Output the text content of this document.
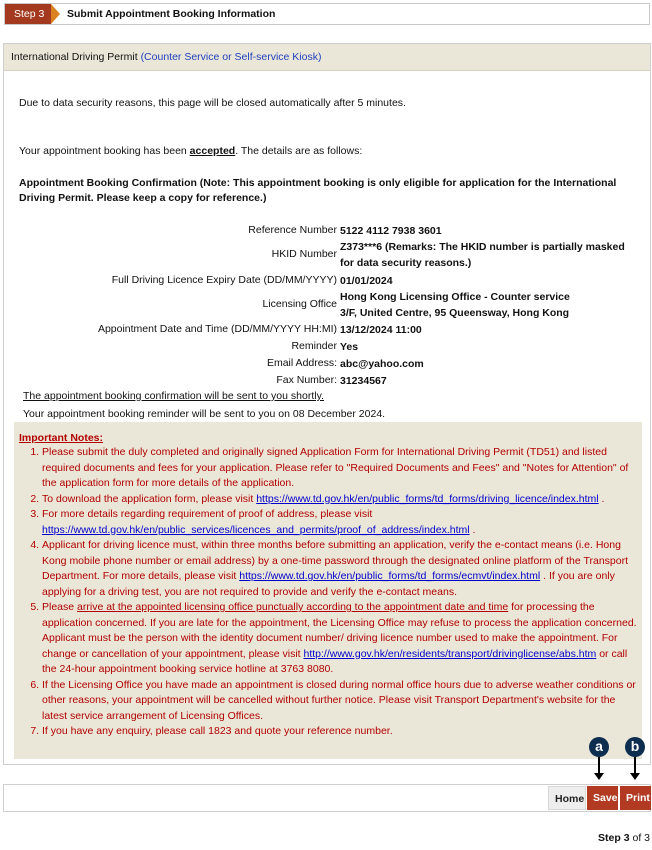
Step 3	Submit Appointment Booking Information
International Driving Permit (Counter Service or Self-service Kiosk)
Due to data security reasons, this page will be closed automatically after 5 minutes.
Your appointment booking has been accepted. The details are as follows:
Appointment Booking Confirmation (Note: This appointment booking is only eligible for application for the International Driving Permit. Please keep a copy for reference.)
Reference Number 5122 4112 7938 3601
HKID Number
Z373***6 (Remarks: The HKID number is partially masked for data security reasons.)
Full Driving Licence Expiry Date (DD/MM/YYYY) 01/01/2024
Licensing Office
Hong Kong Licensing Office - Counter service 3/F, United Centre, 95 Queensway, Hong Kong
Appointment Date and Time (DD/MM/YYYY HH:MI) 13/12/2024 11:00
Reminder Yes
Email Address: abc@yahoo.com
Fax Number: 31234567
The appointment booking confirmation will be sent to you shortly.
Your appointment booking reminder will be sent to you on 08 December 2024.
Important Notes:
1. Please submit the duly completed and originally signed Application Form for International Driving Permit (TD51) and listed required documents and fees for your application. Please refer to "Required Documents and Fees" and "Notes for Attention" of the application form for more details of the application.
2. To download the application form, please visit https://www.td.gov.hk/en/public_forms/td_forms/driving_licence/index.html .
3. For more details regarding requirement of proof of address, please visit https://www.td.gov.hk/en/public_services/licences_and_permits/proof_of_address/index.html .
4. Applicant for driving licence must, within three months before submitting an application, verify the e-contact means (i.e. Hong Kong mobile phone number or email address) by a one-time password through the designated online platform of the Transport Department. For more details, please visit https://www.td.gov.hk/en/public_forms/td_forms/ecmvt/index.html . If you are only applying for a driving test, you are not required to provide and verify the e-contact means.
5. Please arrive at the appointed licensing office punctually according to the appointment date and time for processing the application concerned. If you are late for the appointment, the Licensing Office may refuse to process the application concerned. Applicant must be the person with the identity document number/ driving licence number used to make the appointment. For change or cancellation of your appointment, please visit http://www.gov.hk/en/residents/transport/drivinglicense/abs.htm or call the 24-hour appointment booking service hotline at 3763 8080.
6. If the Licensing Office you have made an appointment is closed during normal office hours due to adverse weather conditions or other reasons, your appointment will be cancelled without further notice. Please visit Transport Department's website for the latest service arrangement of Licensing Offices.
7. If you have any enquiry, please call 1823 and quote your reference number.
a	b
Home Save Print
Step 3 of 3
